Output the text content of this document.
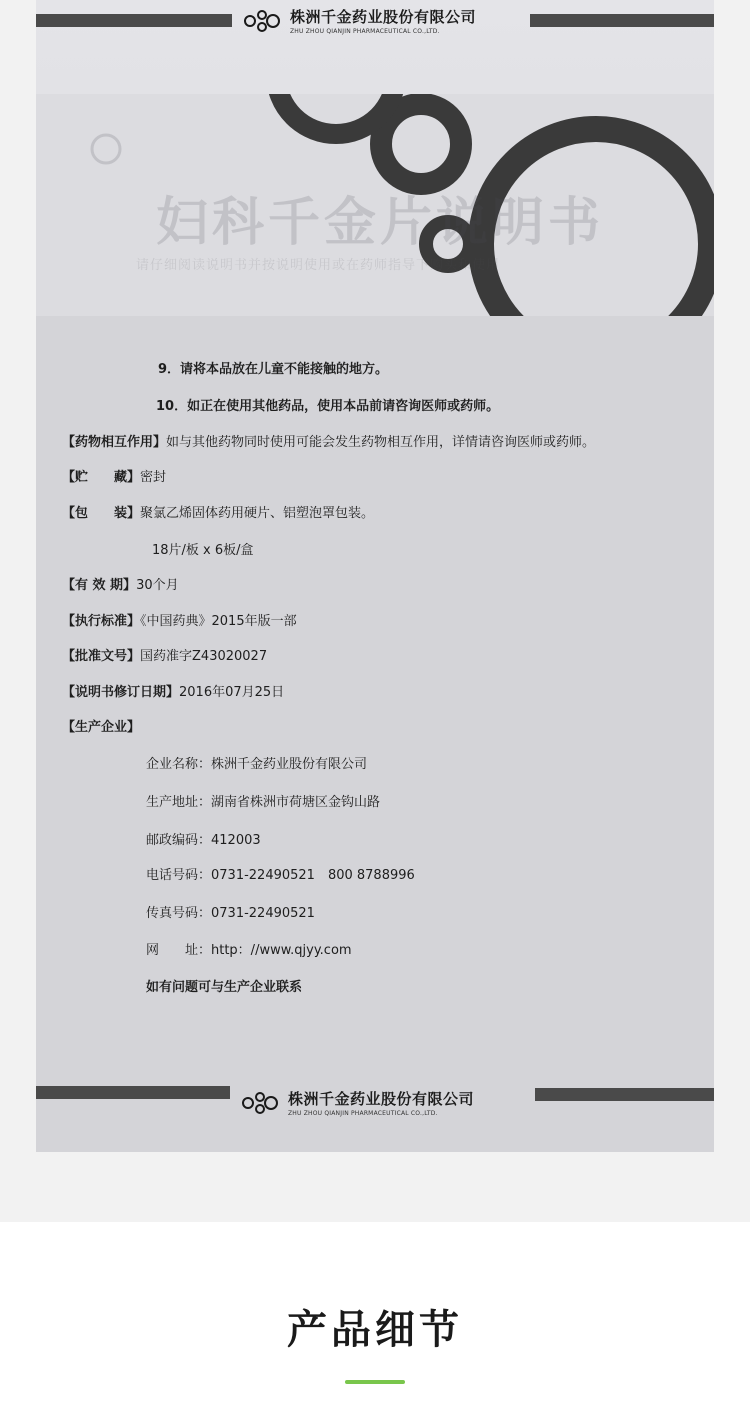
株洲千金药业股份有限公司
ZHU ZHOU QIANJIN PHARMACEUTICAL CO.,LTD.
妇科千金片说明书
请仔细阅读说明书并按说明使用或在药师指导下购买和使用
9．请将本品放在儿童不能接触的地方。
10．如正在使用其他药品，使用本品前请咨询医师或药师。
【药物相互作用】如与其他药物同时使用可能会发生药物相互作用，详情请咨询医师或药师。
【贮　　藏】密封
【包　　装】聚氯乙烯固体药用硬片、铝塑泡罩包装。
18片/板 x 6板/盒
【有 效 期】30个月
【执行标准】《中国药典》2015年版一部
【批准文号】国药准字Z43020027
【说明书修订日期】2016年07月25日
【生产企业】
企业名称：株洲千金药业股份有限公司
生产地址：湖南省株洲市荷塘区金钩山路
邮政编码：412003
电话号码：0731-22490521　800 8788996
传真号码：0731-22490521
网　　址：http：//www.qjyy.com
如有问题可与生产企业联系
株洲千金药业股份有限公司
ZHU ZHOU QIANJIN PHARMACEUTICAL CO.,LTD.
产品细节
